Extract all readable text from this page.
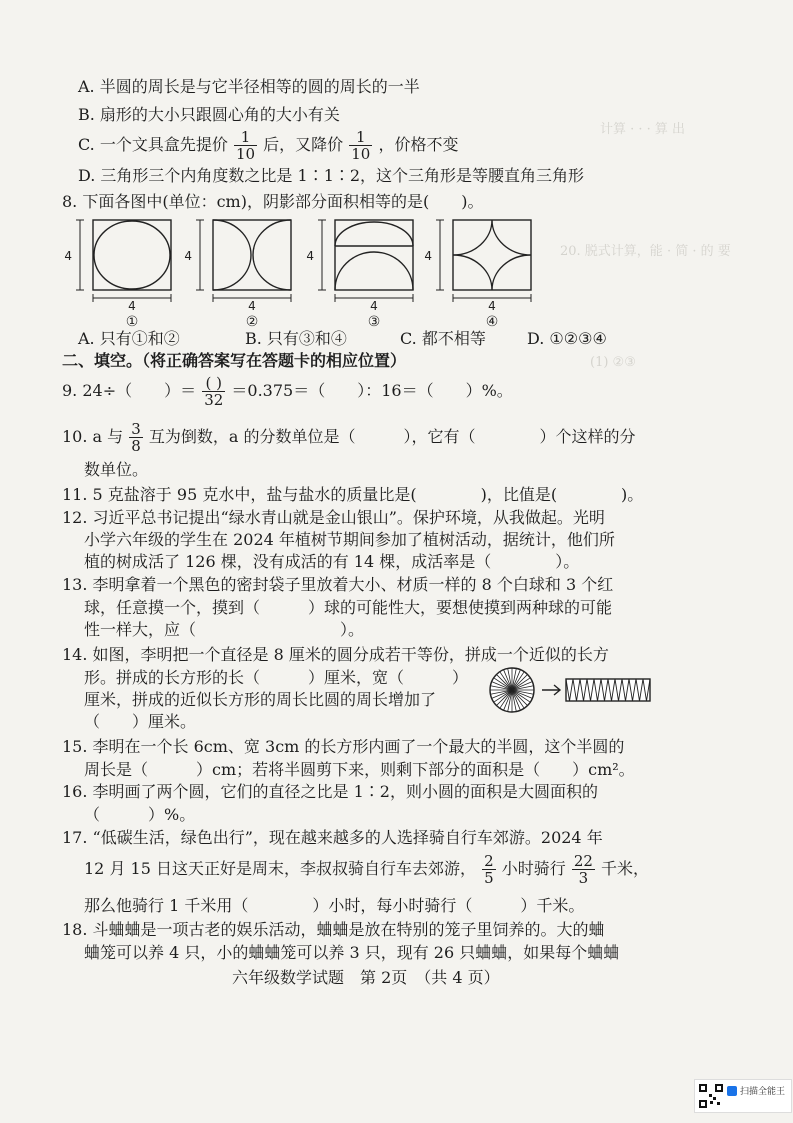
计算 · · · 算 出
20. 脱式计算，能 · 简 · 的 要
(1) ②③
A. 半圆的周长是与它半径相等的圆的周长的一半
B. 扇形的大小只跟圆心角的大小有关
C. 一个文具盒先提价 $\frac{1}{10}$ 后，又降价 $\frac{1}{10}$ ，价格不变
D. 三角形三个内角度数之比是 1∶1∶2，这个三角形是等腰直角三角形
8. 下面各图中(单位：cm)，阴影部分面积相等的是(　　)。
4
4
4
4
4
4
4
4
①	②	③	④
A. 只有①和②	B. 只有③和④	C. 都不相等	D. ①②③④
二、填空。（将正确答案写在答题卡的相应位置）
9. 24÷（　　）＝ $\frac{( )}{32} =0.375=$（　　）：16＝（　　）%。
10. a 与 $\frac{3}{8}$ 互为倒数，a 的分数单位是（　　　），它有（　　　　）个这样的分
数单位。
11. 5 克盐溶于 95 克水中，盐与盐水的质量比是(　　　　)，比值是(　　　　)。
12. 习近平总书记提出“绿水青山就是金山银山”。保护环境，从我做起。光明
小学六年级的学生在 2024 年植树节期间参加了植树活动，据统计，他们所
植的树成活了 126 棵，没有成活的有 14 棵，成活率是（　　　　）。
13. 李明拿着一个黑色的密封袋子里放着大小、材质一样的 8 个白球和 3 个红
球，任意摸一个，摸到（　　　）球的可能性大，要想使摸到两种球的可能
性一样大，应（　　　　　　　　　）。
14. 如图，李明把一个直径是 8 厘米的圆分成若干等份，拼成一个近似的长方
形。拼成的长方形的长（　　　）厘米，宽（　　　）
厘米，拼成的近似长方形的周长比圆的周长增加了
（　　）厘米。
15. 李明在一个长 6cm、宽 3cm 的长方形内画了一个最大的半圆，这个半圆的
周长是（　　　）cm；若将半圆剪下来，则剩下部分的面积是（　　）cm²。
16. 李明画了两个圆，它们的直径之比是 1∶2，则小圆的面积是大圆面积的
（　　　）%。
17. “低碳生活，绿色出行”，现在越来越多的人选择骑自行车郊游。2024 年
12 月 15 日这天正好是周末，李叔叔骑自行车去郊游， $\frac{2}{5}$ 小时骑行 $\frac{22}{3}$ 千米，
那么他骑行 1 千米用（　　　　）小时，每小时骑行（　　　）千米。
18. 斗蛐蛐是一项古老的娱乐活动，蛐蛐是放在特别的笼子里饲养的。大的蛐
蛐笼可以养 4 只，小的蛐蛐笼可以养 3 只，现有 26 只蛐蛐，如果每个蛐蛐
六年级数学试题　第 2页　（共 4 页）
扫描全能王
